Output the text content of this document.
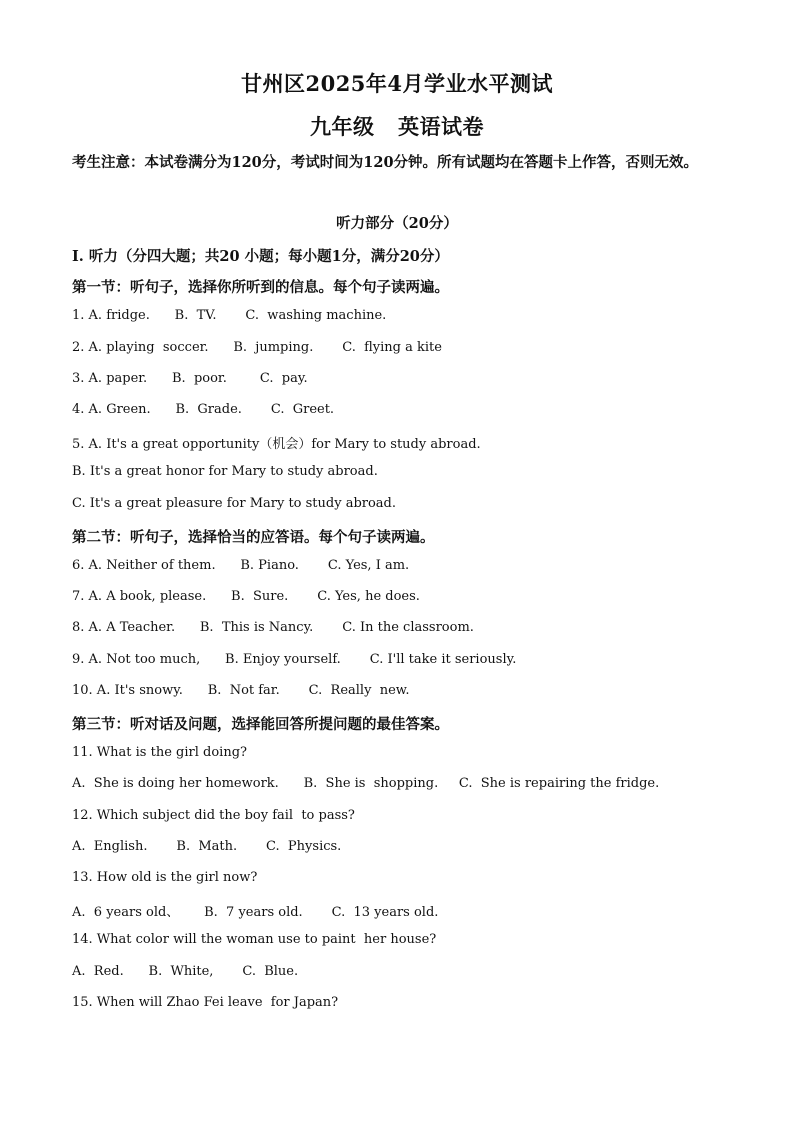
甘州区2025年4月学业水平测试
九年级   英语试卷
考生注意：本试卷满分为120分，考试时间为120分钟。所有试题均在答题卡上作答，否则无效。
听力部分（20分）
Ⅰ. 听力（分四大题；共20 小题；每小题1分，满分20分）
第一节：听句子，选择你所听到的信息。每个句子读两遍。
1. A. fridge.      B.  TV.       C.  washing machine.
2. A. playing  soccer.      B.  jumping.       C.  flying a kite
3. A. paper.      B.  poor.        C.  pay.
4. A. Green.      B.  Grade.       C.  Greet.
5. A. It's a great opportunity（机会）for Mary to study abroad.
B. It's a great honor for Mary to study abroad.
C. It's a great pleasure for Mary to study abroad.
第二节：听句子，选择恰当的应答语。每个句子读两遍。
6. A. Neither of them.      B. Piano.       C. Yes, I am.
7. A. A book, please.      B.  Sure.       C. Yes, he does.
8. A. A Teacher.      B.  This is Nancy.       C. In the classroom.
9. A. Not too much,      B. Enjoy yourself.       C. I'll take it seriously.
10. A. It's snowy.      B.  Not far.       C.  Really  new.
第三节：听对话及问题，选择能回答所提问题的最佳答案。
11. What is the girl doing?
A.  She is doing her homework.      B.  She is  shopping.     C.  She is repairing the fridge.
12. Which subject did the boy fail  to pass?
A.  English.       B.  Math.       C.  Physics.
13. How old is the girl now?
A.  6 years old、      B.  7 years old.       C.  13 years old.
14. What color will the woman use to paint  her house?
A.  Red.      B.  White,       C.  Blue.
15. When will Zhao Fei leave  for Japan?
